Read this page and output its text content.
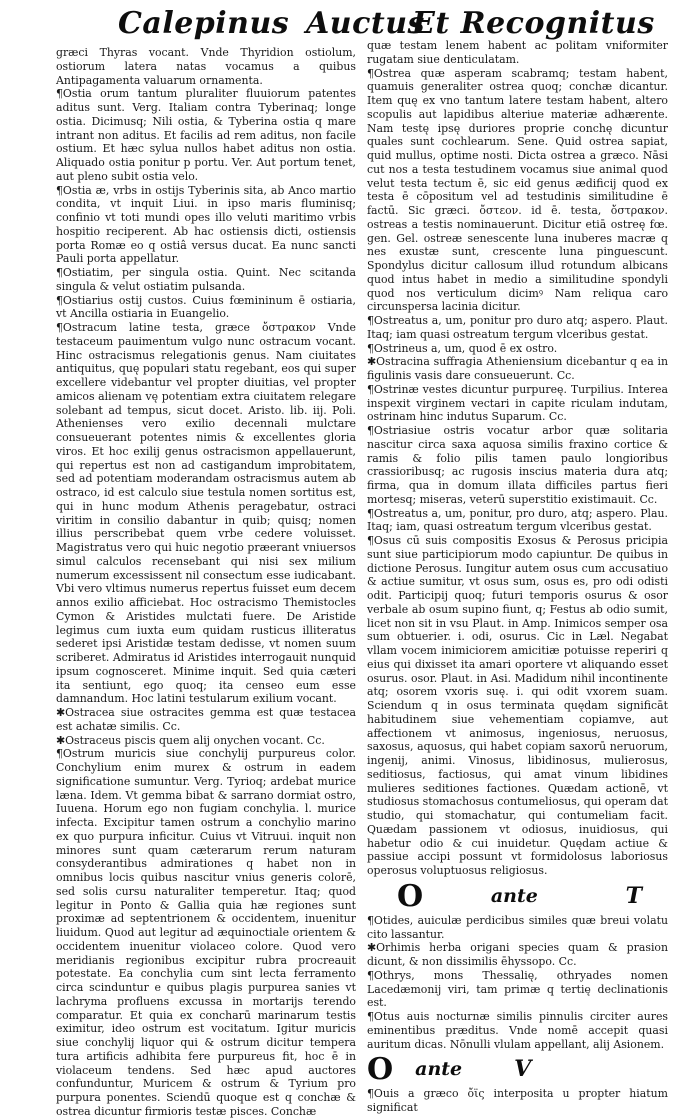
Calepinus Auctus
Et Recognitus

græci Thyras vocant. Vnde Thyridion ostiolum, ostiorum latera natas vocamus a quibus Antipagamenta valuarum ornamenta.

¶Ostia orum tantum pluraliter fluuiorum patentes aditus sunt. Verg. Italiam contra Tyberinaq; longe ostia. Dicimusq; Nili ostia, & Tyberina ostia q mare intrant non aditus. Et facilis ad rem aditus, non facile ostium. Et hæc sylua nullos habet aditus non ostia. Aliquado ostia ponitur p portu. Ver. Aut portum tenet, aut pleno subit ostia velo.

¶Ostia æ, vrbs in ostijs Tyberinis sita, ab Anco martio condita, vt inquit Liui. in ipso maris fluminisq; confinio vt toti mundi opes illo veluti maritimo vrbis hospitio reciperent. Ab hac ostiensis dicti, ostiensis porta Romæ eo q ostiâ versus ducat. Ea nunc sancti Pauli porta appellatur.

¶Ostiatim, per singula ostia. Quint. Nec scitanda singula & velut ostiatim pulsanda.

¶Ostiarius ostij custos. Cuius fœmininum ē ostiaria, vt Ancilla ostiaria in Euangelio.

¶Ostracum latine testa, græce ὄστρακον Vnde testaceum pauimentum vulgo nunc ostracum vocant. Hinc ostracismus relegationis genus. Nam ciuitates antiquitus, quę populari statu regebant, eos qui super excellere videbantur vel propter diuitias, vel propter amicos alienam vę potentiam extra ciuitatem relegare solebant ad tempus, sicut docet. Aristo. lib. iij. Poli. Athenienses vero exilio decennali mulctare consueuerant potentes nimis & excellentes gloria viros. Et hoc exilij genus ostracismon appellauerunt, qui repertus est non ad castigandum improbitatem, sed ad potentiam moderandam ostracismus autem ab ostraco, id est calculo siue testula nomen sortitus est, qui in hunc modum Athenis peragebatur, ostraci viritim in consilio dabantur in quib; quisq; nomen illius perscribebat quem vrbe cedere voluisset. Magistratus vero qui huic negotio præerant vniuersos simul calculos recensebant qui nisi sex milium numerum excessissent nil consectum esse iudicabant. Vbi vero vltimus numerus repertus fuisset eum decem annos exilio afficiebat. Hoc ostracismo Themistocles Cymon & Aristides mulctati fuere. De Aristide legimus cum iuxta eum quidam rusticus illiteratus sederet ipsi Aristidæ testam dedisse, vt nomen suum scriberet. Admiratus id Aristides interrogauit nunquid ipsum cognosceret. Minime inquit. Sed quia cæteri ita sentiunt, ego quoq; ita censeo eum esse damnandum. Hoc latini testularum exilium vocant.

✱Ostracea siue ostracites gemma est quæ testacea est achatæ similis. Cc.

✱Ostraceus piscis quem alij onychen vocant. Cc.

¶Ostrum muricis siue conchylij purpureus color. Conchylium enim murex & ostrum in eadem significatione sumuntur. Verg. Tyrioq; ardebat murice læna. Idem. Vt gemma bibat & sarrano dormiat ostro, Iuuena. Horum ego non fugiam conchylia. l. murice infecta. Excipitur tamen ostrum a conchylio marino ex quo purpura inficitur. Cuius vt Vitruui. inquit non minores sunt quam cæterarum rerum naturam consyderantibus admirationes q habet non in omnibus locis quibus nascitur vnius generis colorē, sed solis cursu naturaliter temperetur. Itaq; quod legitur in Ponto & Gallia quia hæ regiones sunt proximæ ad septentrionem & occidentem, inuenitur liuidum. Quod aut legitur ad æquinoctiale orientem & occidentem inuenitur violaceo colore. Quod vero meridianis regionibus excipitur rubra procreauit potestate. Ea conchylia cum sint lecta ferramento circa scinduntur e quibus plagis purpurea sanies vt lachryma profluens excussa in mortarijs terendo comparatur. Et quia ex concharū marinarum testis eximitur, ideo ostrum est vocitatum. Igitur muricis siue conchylij liquor qui & ostrum dicitur tempera tura artificis adhibita fere purpureus fit, hoc ē in violaceum tendens. Sed hæc apud auctores confunduntur, Muricem & ostrum & Tyrium pro purpura ponentes. Sciendū quoque est q conchæ & ostrea dicuntur firmioris testæ pisces. Conchæ

quæ testam lenem habent ac politam vniformiter rugatam siue denticulatam.

¶Ostrea quæ asperam scabramq; testam habent, quamuis generaliter ostrea quoq; conchæ dicantur. Item quę ex vno tantum latere testam habent, altero scopulis aut lapidibus alteriue materiæ adhærente. Nam testę ipsę duriores proprie conchę dicuntur quales sunt cochlearum. Sene. Quid ostrea sapiat, quid mullus, optime nosti. Dicta ostrea a græco. Nāsi cut nos a testa testudinem vocamus siue animal quod velut testa tectum ē, sic eid genus ædificij quod ex testa ē cōpositum vel ad testudinis similitudine ē factū. Sic græci. ὄστεον. id ē. testa, ὄστρακον. ostreas a testis nominauerunt. Dicitur etiā ostreę fœ. gen. Gel. ostreæ senescente luna inuberes macræ q nes exustæ sunt, crescente luna pinguescunt. Spondylus dicitur callosum illud rotundum albicans quod intus habet in medio a similitudine spondyli quod nos verticulum dicimꝰ Nam reliqua caro circunspersa lacinia dicitur.

¶Ostreatus a, um, ponitur pro duro atq; aspero. Plaut. Itaq; iam quasi ostreatum tergum vlceribus gestat.

¶Ostrineus a, um, quod ē ex ostro.

✱Ostracina suffragia Atheniensium dicebantur q ea in figulinis vasis dare consueuerunt. Cc.

¶Ostrinæ vestes dicuntur purpureę. Turpilius. Interea inspexit virginem vectari in capite riculam indutam, ostrinam hinc indutus Suparum. Cc.

¶Ostriasiue ostris vocatur arbor quæ solitaria nascitur circa saxa aquosa similis fraxino cortice & ramis & folio pilis tamen paulo longioribus crassioribusq; ac rugosis inscius materia dura atq; firma, qua in domum illata difficiles partus fieri mortesq; miseras, veterū superstitio existimauit. Cc.

¶Ostreatus a, um, ponitur, pro duro, atq; aspero. Plau. Itaq; iam, quasi ostreatum tergum vlceribus gestat.

¶Osus cū suis compositis Exosus & Perosus pricipia sunt siue participiorum modo capiuntur. De quibus in dictione Perosus. Iungitur autem osus cum accusatiuo & actiue sumitur, vt osus sum, osus es, pro odi odisti odit. Participij quoq; futuri temporis osurus & osor verbale ab osum supino fiunt, q; Festus ab odio sumit, licet non sit in vsu Plaut. in Amp. Inimicos semper osa sum obtuerier. i. odi, osurus. Cic in Læl. Negabat vllam vocem inimiciorem amicitiæ potuisse reperiri q eius qui dixisset ita amari oportere vt aliquando esset osurus. osor. Plaut. in Asi. Madidum nihil incontinente atq; osorem vxoris suę. i. qui odit vxorem suam. Sciendum q in osus terminata quędam significāt habitudinem siue vehementiam copiamve, aut affectionem vt animosus, ingeniosus, neruosus, saxosus, aquosus, qui habet copiam saxorū neruorum, ingenij, animi. Vinosus, libidinosus, mulierosus, seditiosus, factiosus, qui amat vinum libidines mulieres seditiones factiones. Quædam actionē, vt studiosus stomachosus contumeliosus, qui operam dat studio, qui stomachatur, qui contumeliam facit. Quædam passionem vt odiosus, inuidiosus, qui habetur odio & cui inuidetur. Quędam actiue & passiue accipi possunt vt formidolosus laboriosus operosus voluptuosus religiosus.

O	ante	T

¶Otides, auiculæ perdicibus similes quæ breui volatu cito lassantur.

✱Orhimis herba origani species quam & prasion dicunt, & non dissimilis ēhyssopo. Cc.

¶Othrys, mons Thessalię, othryades nomen Lacedæmonij viri, tam primæ q tertię declinationis est.

¶Otus auis nocturnæ similis pinnulis circiter aures eminentibus præditus. Vnde nomē accepit quasi auritum dicas. Nōnulli vlulam appellant, alij Asionem.

O ante V

¶Ouis a græco ὄϊς interposita u propter hiatum significat
